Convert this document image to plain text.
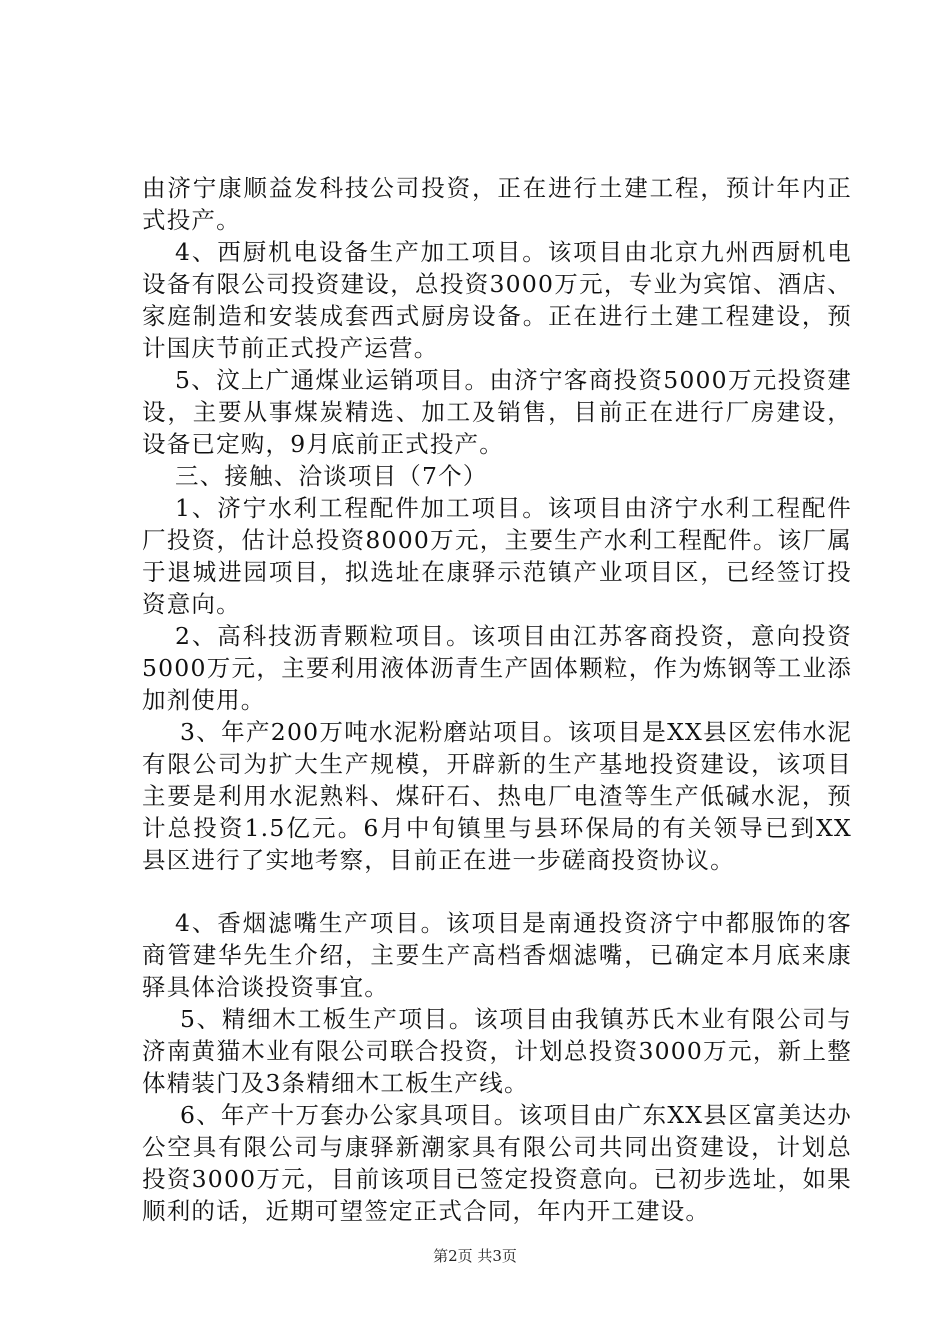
由济宁康顺益发科技公司投资，正在进行土建工程，预计年内正式投产。

4、西厨机电设备生产加工项目。该项目由北京九州西厨机电设备有限公司投资建设，总投资3000万元，专业为宾馆、酒店、家庭制造和安装成套西式厨房设备。正在进行土建工程建设，预计国庆节前正式投产运营。

5、汶上广通煤业运销项目。由济宁客商投资5000万元投资建设，主要从事煤炭精选、加工及销售，目前正在进行厂房建设，设备已定购，9月底前正式投产。

三、接触、洽谈项目（7个）

1、济宁水利工程配件加工项目。该项目由济宁水利工程配件厂投资，估计总投资8000万元，主要生产水利工程配件。该厂属于退城进园项目，拟选址在康驿示范镇产业项目区，已经签订投资意向。

2、高科技沥青颗粒项目。该项目由江苏客商投资，意向投资5000万元，主要利用液体沥青生产固体颗粒，作为炼钢等工业添加剂使用。

3、年产200万吨水泥粉磨站项目。该项目是XX县区宏伟水泥有限公司为扩大生产规模，开辟新的生产基地投资建设，该项目主要是利用水泥熟料、煤矸石、热电厂电渣等生产低碱水泥，预计总投资1.5亿元。6月中旬镇里与县环保局的有关领导已到XX县区进行了实地考察，目前正在进一步磋商投资协议。

4、香烟滤嘴生产项目。该项目是南通投资济宁中都服饰的客商管建华先生介绍，主要生产高档香烟滤嘴，已确定本月底来康驿具体洽谈投资事宜。

5、精细木工板生产项目。该项目由我镇苏氏木业有限公司与济南黄猫木业有限公司联合投资，计划总投资3000万元，新上整体精装门及3条精细木工板生产线。

6、年产十万套办公家具项目。该项目由广东XX县区富美达办公空具有限公司与康驿新潮家具有限公司共同出资建设，计划总投资3000万元，目前该项目已签定投资意向。已初步选址，如果顺利的话，近期可望签定正式合同，年内开工建设。

第2页 共3页
